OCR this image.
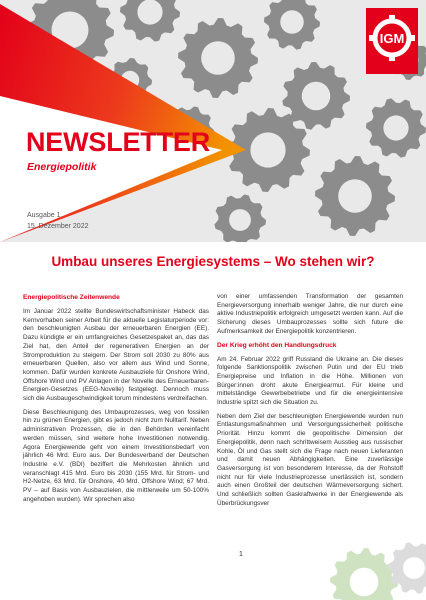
IGM
NEWSLETTER
Energiepolitik
Ausgabe 1
15. Dezember 2022
Umbau unseres Energiesystems – Wo stehen wir?
Energiepolitische Zeitenwende

Im Januar 2022 stellte Bundeswirtschaftsminister Habeck das Kernvorhaben seiner Arbeit für die aktuelle Legislaturperiode vor: den beschleunigten Ausbau der erneuerbaren Energien (EE). Dazu kündigte er ein umfangreiches Gesetzespaket an, das das Ziel hat, den Anteil der regenerativen Energien an der Stromproduktion zu steigern. Der Strom soll 2030 zu 80% aus erneuerbaren Quellen, also vor allem aus Wind und Sonne, kommen. Dafür wurden konkrete Ausbauziele für Onshore Wind, Offshore Wind und PV Anlagen in der Novelle des Erneuerbaren-Energien-Gesetzes (EEG-Novelle) festgelegt. Dennoch muss sich die Ausbaugeschwindigkeit torum mindestens verdreifachen.

Diese Beschleunigung des Umbauprozesses, weg von fossilen hin zu grünen Energien, gibt es jedoch nicht zum Nulltarif. Neben administrativen Prozessen, die in den Behörden vereinfacht werden müssen, sind weitere hohe Investitionen notwendig. Agora Energiewende geht von einem Investitionsbedarf von jährlich 46 Mrd. Euro aus. Der Bundesverband der Deutschen Industrie e.V. (BDI) beziffert die Mehrkosten ähnlich und veranschlagt 415 Mrd. Euro bis 2030 (155 Mrd. für Strom- und H2-Netze, 63 Mrd. für Onshore, 40 Mrd. Offshore Wind; 67 Mrd. PV – auf Basis von Ausbauzielen, die mittlerweile um 50-100% angehoben wurden). Wir sprechen also

von einer umfassenden Transformation der gesamten Energieversorgung innerhalb weniger Jahre, die nur durch eine aktive Industriepolitik erfolgreich umgesetzt werden kann. Auf die Sicherung dieses Umbauprozesses sollte sich future die Aufmerksamkeit der Energiepolitik konzentrieren.

Der Krieg erhöht den Handlungsdruck

Am 24. Februar 2022 griff Russland die Ukraine an. Die dieses folgende Sanktionspolitik zwischen Putin und der EU trieb Energiepreise und Inflation in die Höhe. Millionen von Bürger:innen droht akute Energiearmut. Für kleine und mittelständige Gewerbebetriebe und für die energieintensive Industrie spitzt sich die Situation zu.

Neben dem Ziel der beschleunigten Energiewende wurden nun Entlastungsmaßnahmen und Versorgungssicherheit politische Priorität. Hinzu kommt die geopolitische Dimension der Energiepolitik, denn nach schrittweisem Ausstieg aus russischer Kohle, Öl und Gas stellt sich die Frage nach neuen Lieferanten und damit neuen Abhängigkeiten. Eine zuverlässige Gasversorgung ist von besonderem Interesse, da der Rohstoff nicht nur für viele Industrieprozesse unerlässlich ist, sondern auch einen Großteil der deutschen Wärmeversorgung sichert. Und schließlich sollten Gaskraftwerke in der Energiewende als Überbrückungsver

1
